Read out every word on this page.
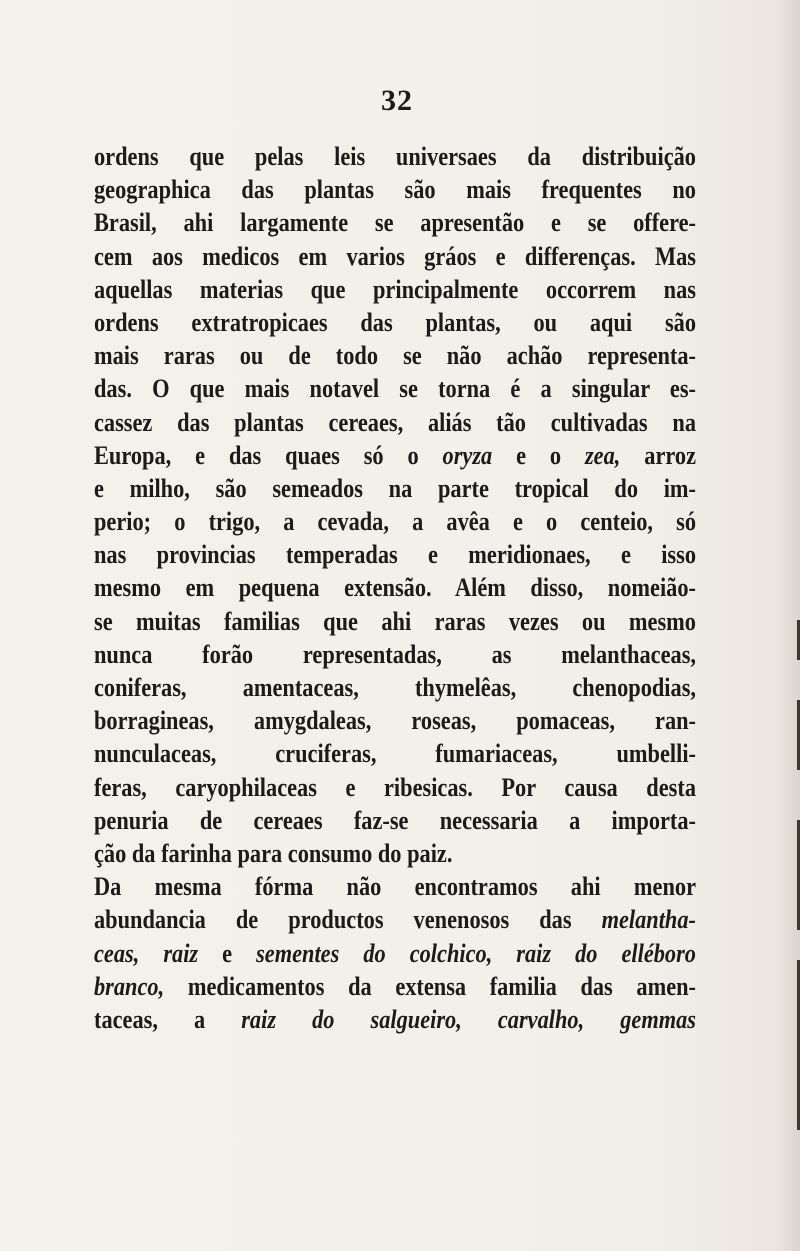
32
ordens que pelas leis universaes da distribuição
geographica das plantas são mais frequentes no
Brasil, ahi largamente se apresentão e se offere-
cem aos medicos em varios gráos e differenças. Mas
aquellas materias que principalmente occorrem nas
ordens extratropicaes das plantas, ou aqui são
mais raras ou de todo se não achão representa-
das. O que mais notavel se torna é a singular es-
cassez das plantas cereaes, aliás tão cultivadas na
Europa, e das quaes só o oryza e o zea, arroz
e milho, são semeados na parte tropical do im-
perio; o trigo, a cevada, a avêa e o centeio, só
nas provincias temperadas e meridionaes, e isso
mesmo em pequena extensão. Além disso, nomeião-
se muitas familias que ahi raras vezes ou mesmo
nunca forão representadas, as melanthaceas,
coniferas, amentaceas, thymelêas, chenopodias,
borragineas, amygdaleas, roseas, pomaceas, ran-
nunculaceas, cruciferas, fumariaceas, umbelli-
feras, caryophilaceas e ribesicas. Por causa desta
penuria de cereaes faz-se necessaria a importa-
ção da farinha para consumo do paiz.
Da mesma fórma não encontramos ahi menor
abundancia de productos venenosos das melantha-
ceas, raiz e sementes do colchico, raiz do elléboro
branco, medicamentos da extensa familia das amen-
taceas, a raiz do salgueiro, carvalho, gemmas
